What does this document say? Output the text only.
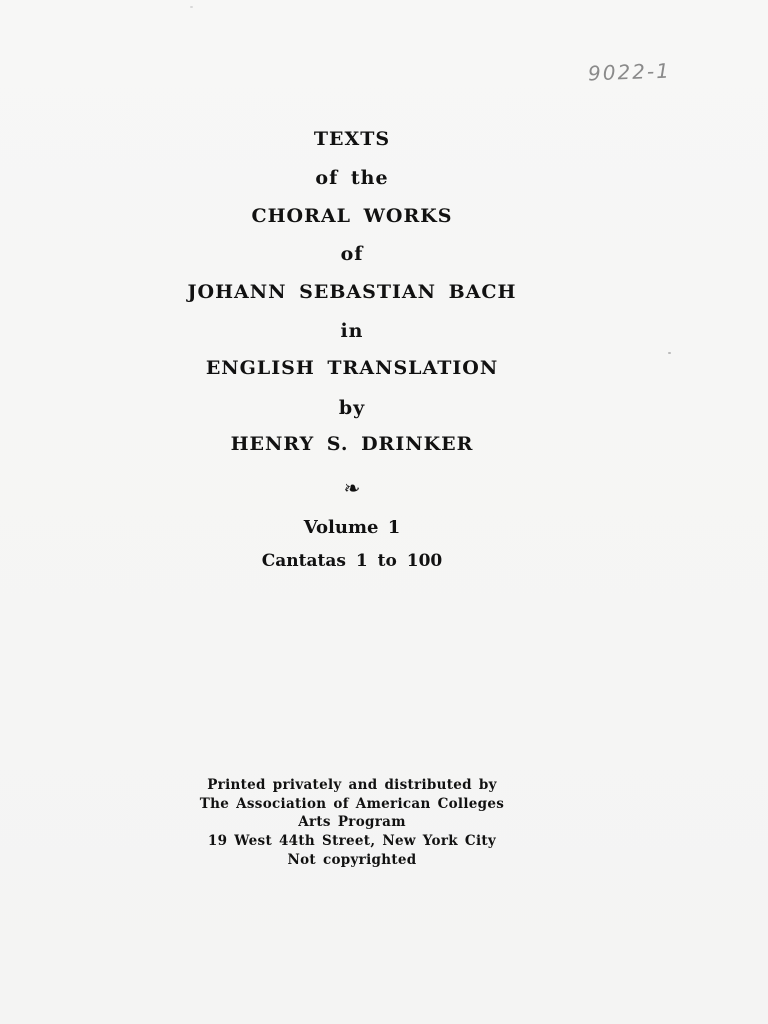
9022-1
TEXTS
of the
CHORAL WORKS
of
JOHANN SEBASTIAN BACH
in
ENGLISH TRANSLATION
by
HENRY S. DRINKER
❧
Volume 1
Cantatas 1 to 100
Printed privately and distributed by
The Association of American Colleges
Arts Program
19 West 44th Street, New York City
Not copyrighted
